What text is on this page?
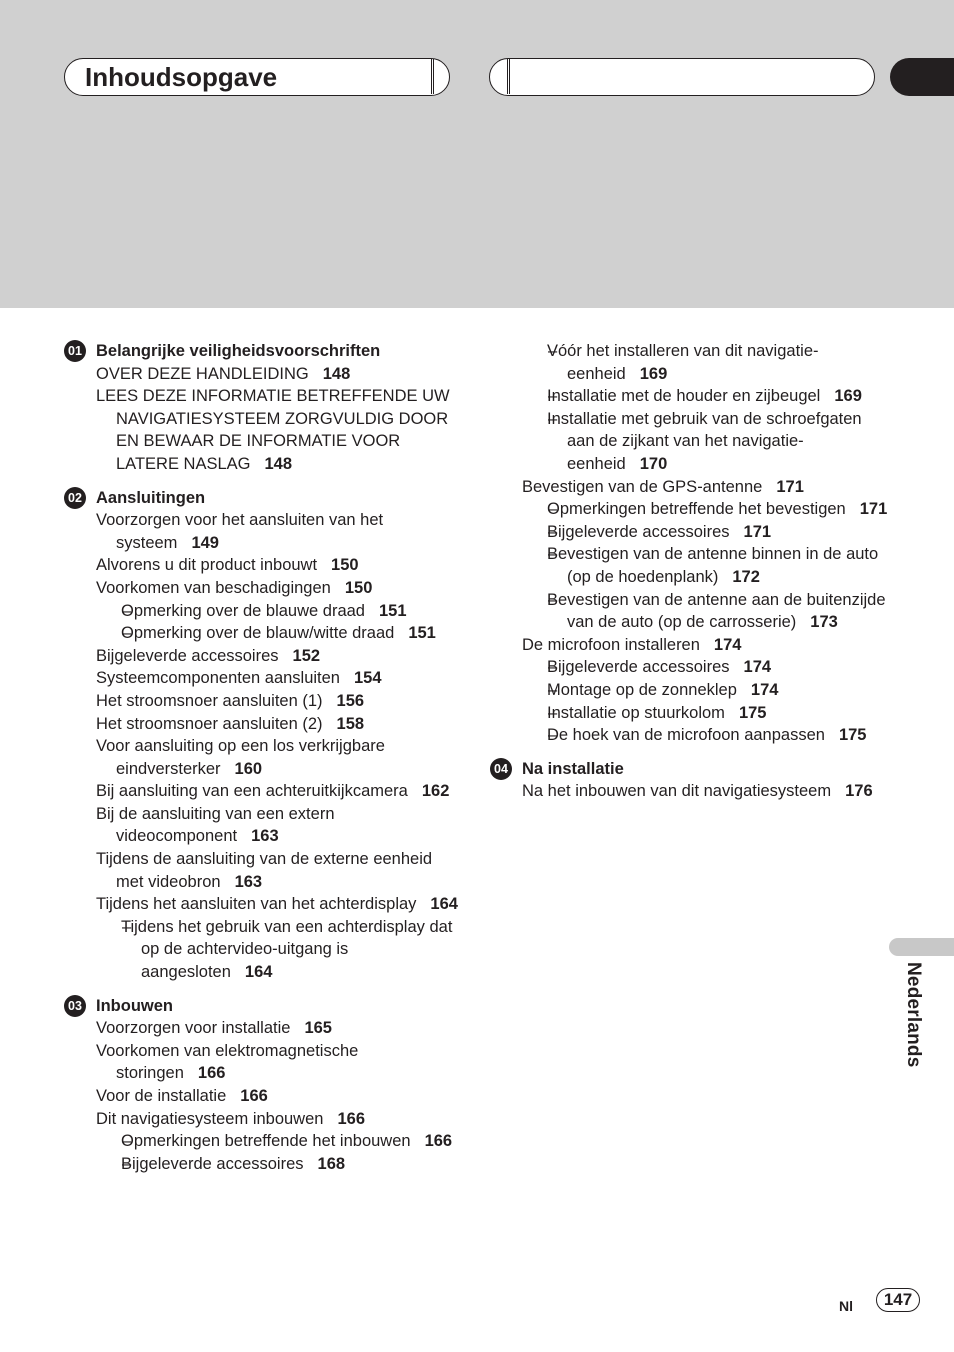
Inhoudsopgave
01 Belangrijke veiligheidsvoorschriften
OVER DEZE HANDLEIDING 148
LEES DEZE INFORMATIE BETREFFENDE UW NAVIGATIESYSTEEM ZORGVULDIG DOOR EN BEWAAR DE INFORMATIE VOOR LATERE NASLAG 148
02 Aansluitingen
Voorzorgen voor het aansluiten van het systeem 149
Alvorens u dit product inbouwt 150
Voorkomen van beschadigingen 150
– Opmerking over de blauwe draad 151
– Opmerking over de blauw/witte draad 151
Bijgeleverde accessoires 152
Systeemcomponenten aansluiten 154
Het stroomsnoer aansluiten (1) 156
Het stroomsnoer aansluiten (2) 158
Voor aansluiting op een los verkrijgbare eindversterker 160
Bij aansluiting van een achteruitkijkcamera 162
Bij de aansluiting van een extern videocomponent 163
Tijdens de aansluiting van de externe eenheid met videobron 163
Tijdens het aansluiten van het achterdisplay 164
– Tijdens het gebruik van een achterdisplay dat op de achtervideo-uitgang is aangesloten 164
03 Inbouwen
Voorzorgen voor installatie 165
Voorkomen van elektromagnetische storingen 166
Voor de installatie 166
Dit navigatiesysteem inbouwen 166
– Opmerkingen betreffende het inbouwen 166
– Bijgeleverde accessoires 168
– Vóór het installeren van dit navigatie-eenheid 169
– Installatie met de houder en zijbeugel 169
– Installatie met gebruik van de schroefgaten aan de zijkant van het navigatie-eenheid 170
Bevestigen van de GPS-antenne 171
– Opmerkingen betreffende het bevestigen 171
– Bijgeleverde accessoires 171
– Bevestigen van de antenne binnen in de auto (op de hoedenplank) 172
– Bevestigen van de antenne aan de buitenzijde van de auto (op de carrosserie) 173
De microfoon installeren 174
– Bijgeleverde accessoires 174
– Montage op de zonneklep 174
– Installatie op stuurkolom 175
– De hoek van de microfoon aanpassen 175
04 Na installatie
Na het inbouwen van dit navigatiesysteem 176
Nederlands
Nl	147
